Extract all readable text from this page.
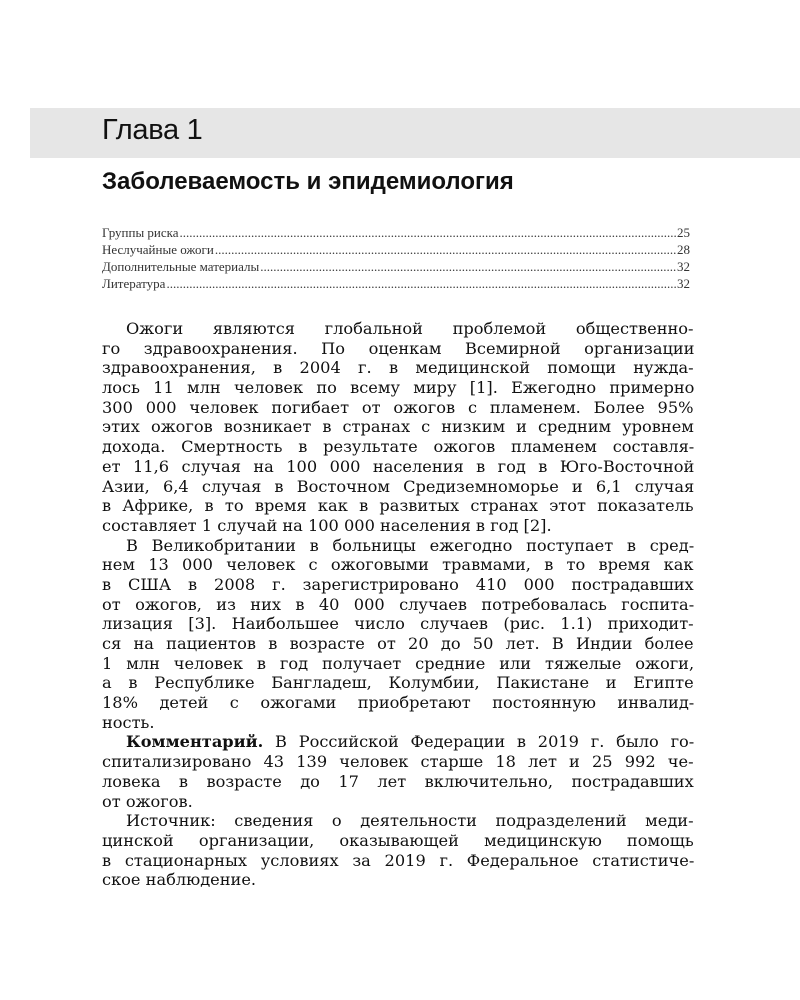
Глава 1
Заболеваемость и эпидемиология
Группы риска .....	25
Неслучайные ожоги .....	28
Дополнительные материалы .....	32
Литература .....	32
Ожоги являются глобальной проблемой общественно-
го здравоохранения. По оценкам Всемирной организации
здравоохранения, в 2004 г. в медицинской помощи нужда-
лось 11 млн человек по всему миру [1]. Ежегодно примерно
300 000 человек погибает от ожогов с пламенем. Более 95%
этих ожогов возникает в странах с низким и средним уровнем
дохода. Смертность в результате ожогов пламенем составля-
ет 11,6 случая на 100 000 населения в год в Юго-Восточной
Азии, 6,4 случая в Восточном Средиземноморье и 6,1 случая
в Африке, в то время как в развитых странах этот показатель
составляет 1 случай на 100 000 населения в год [2].
В Великобритании в больницы ежегодно поступает в сред-
нем 13 000 человек с ожоговыми травмами, в то время как
в США в 2008 г. зарегистрировано 410 000 пострадавших
от ожогов, из них в 40 000 случаев потребовалась госпита-
лизация [3]. Наибольшее число случаев (рис. 1.1) приходит-
ся на пациентов в возрасте от 20 до 50 лет. В Индии более
1 млн человек в год получает средние или тяжелые ожоги,
а в Республике Бангладеш, Колумбии, Пакистане и Египте
18% детей с ожогами приобретают постоянную инвалид-
ность.
Комментарий. В Российской Федерации в 2019 г. было го-
спитализировано 43 139 человек старше 18 лет и 25 992 че-
ловека в возрасте до 17 лет включительно, пострадавших
от ожогов.
Источник: сведения о деятельности подразделений меди-
цинской организации, оказывающей медицинскую помощь
в стационарных условиях за 2019 г. Федеральное статистиче-
ское наблюдение.
